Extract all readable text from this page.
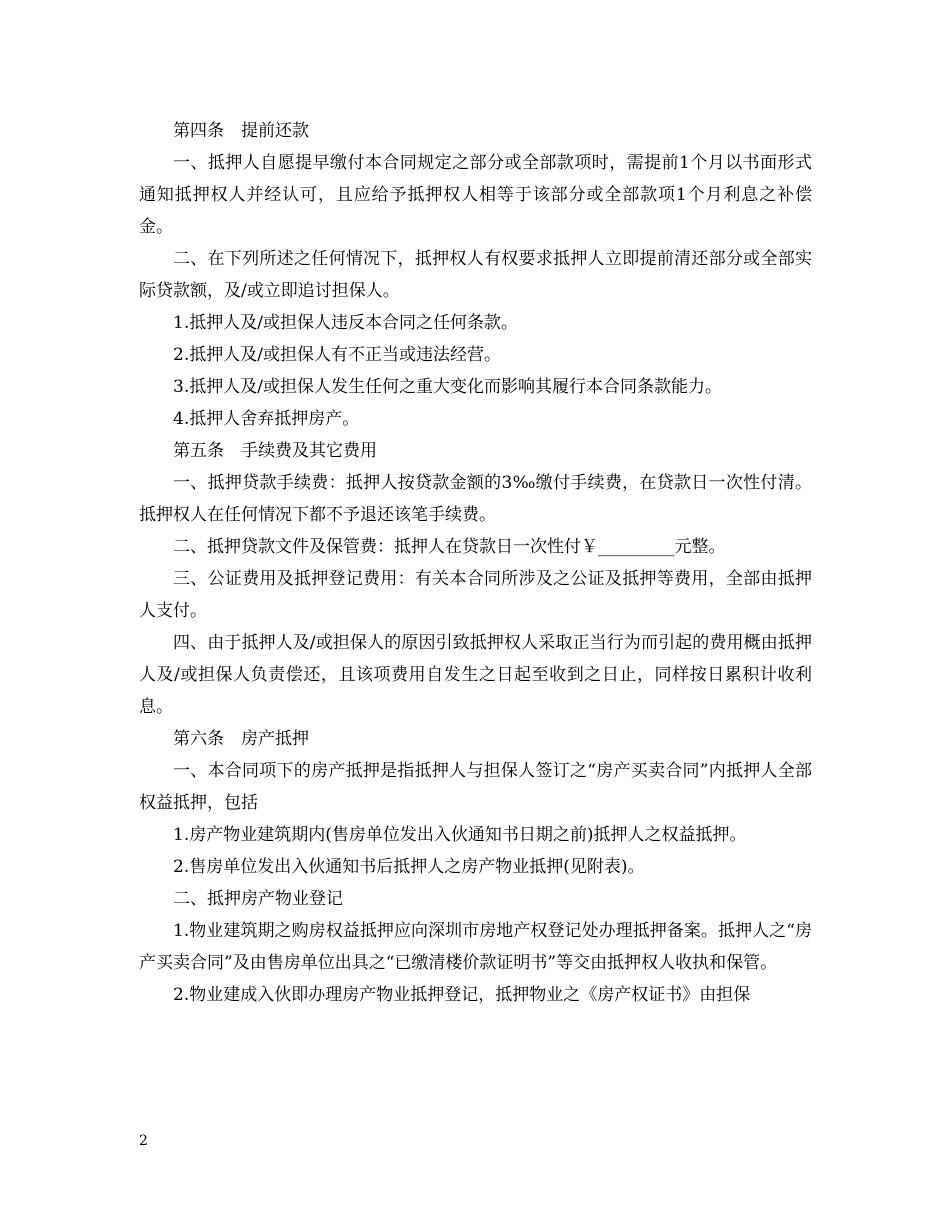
第四条　提前还款

一、抵押人自愿提早缴付本合同规定之部分或全部款项时，需提前1个月以书面形式通知抵押权人并经认可，且应给予抵押权人相等于该部分或全部款项1个月利息之补偿金。

二、在下列所述之任何情况下，抵押权人有权要求抵押人立即提前清还部分或全部实际贷款额，及/或立即追讨担保人。

1.抵押人及/或担保人违反本合同之任何条款。

2.抵押人及/或担保人有不正当或违法经营。

3.抵押人及/或担保人发生任何之重大变化而影响其履行本合同条款能力。

4.抵押人舍弃抵押房产。

第五条　手续费及其它费用

一、抵押贷款手续费：抵押人按贷款金额的3‰缴付手续费，在贷款日一次性付清。抵押权人在任何情况下都不予退还该笔手续费。

二、抵押贷款文件及保管费：抵押人在贷款日一次性付￥_________元整。

三、公证费用及抵押登记费用：有关本合同所涉及之公证及抵押等费用，全部由抵押人支付。

四、由于抵押人及/或担保人的原因引致抵押权人采取正当行为而引起的费用概由抵押人及/或担保人负责偿还，且该项费用自发生之日起至收到之日止，同样按日累积计收利息。

第六条　房产抵押

一、本合同项下的房产抵押是指抵押人与担保人签订之“房产买卖合同”内抵押人全部权益抵押，包括

1.房产物业建筑期内(售房单位发出入伙通知书日期之前)抵押人之权益抵押。

2.售房单位发出入伙通知书后抵押人之房产物业抵押(见附表)。

二、抵押房产物业登记

1.物业建筑期之购房权益抵押应向深圳市房地产权登记处办理抵押备案。抵押人之“房产买卖合同”及由售房单位出具之“已缴清楼价款证明书”等交由抵押权人收执和保管。

2.物业建成入伙即办理房产物业抵押登记，抵押物业之《房产权证书》由担保

2
